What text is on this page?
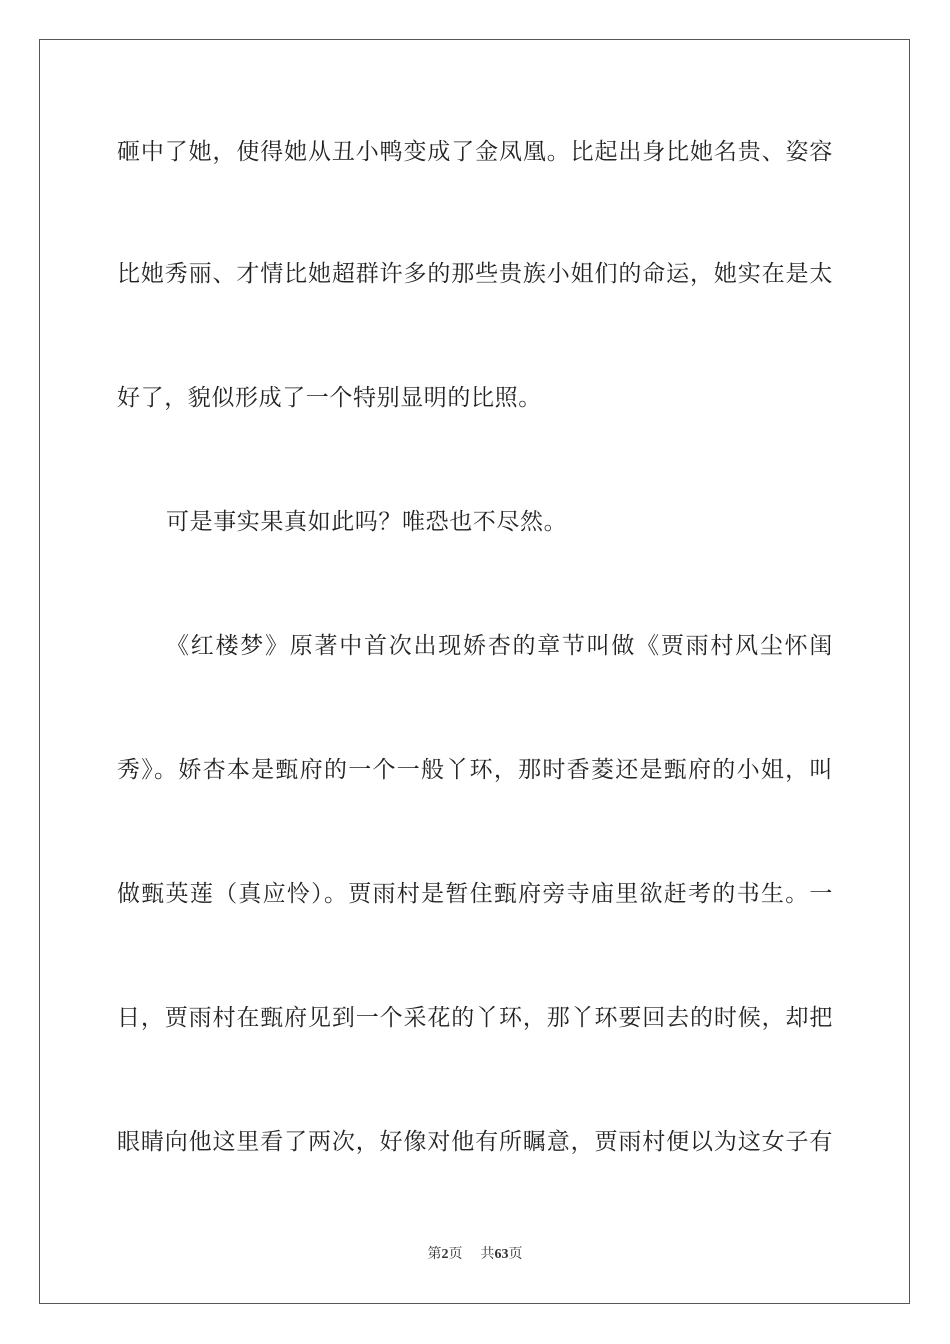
砸中了她，使得她从丑小鸭变成了金凤凰。比起出身比她名贵、姿容
比她秀丽、才情比她超群许多的那些贵族小姐们的命运，她实在是太
好了，貌似形成了一个特别显明的比照。
可是事实果真如此吗？唯恐也不尽然。
《红楼梦》原著中首次出现娇杏的章节叫做《贾雨村风尘怀闺
秀》。娇杏本是甄府的一个一般丫环，那时香菱还是甄府的小姐，叫
做甄英莲（真应怜）。贾雨村是暂住甄府旁寺庙里欲赶考的书生。一
日，贾雨村在甄府见到一个采花的丫环，那丫环要回去的时候，却把
眼睛向他这里看了两次，好像对他有所瞩意，贾雨村便以为这女子有
第2页 共63页
